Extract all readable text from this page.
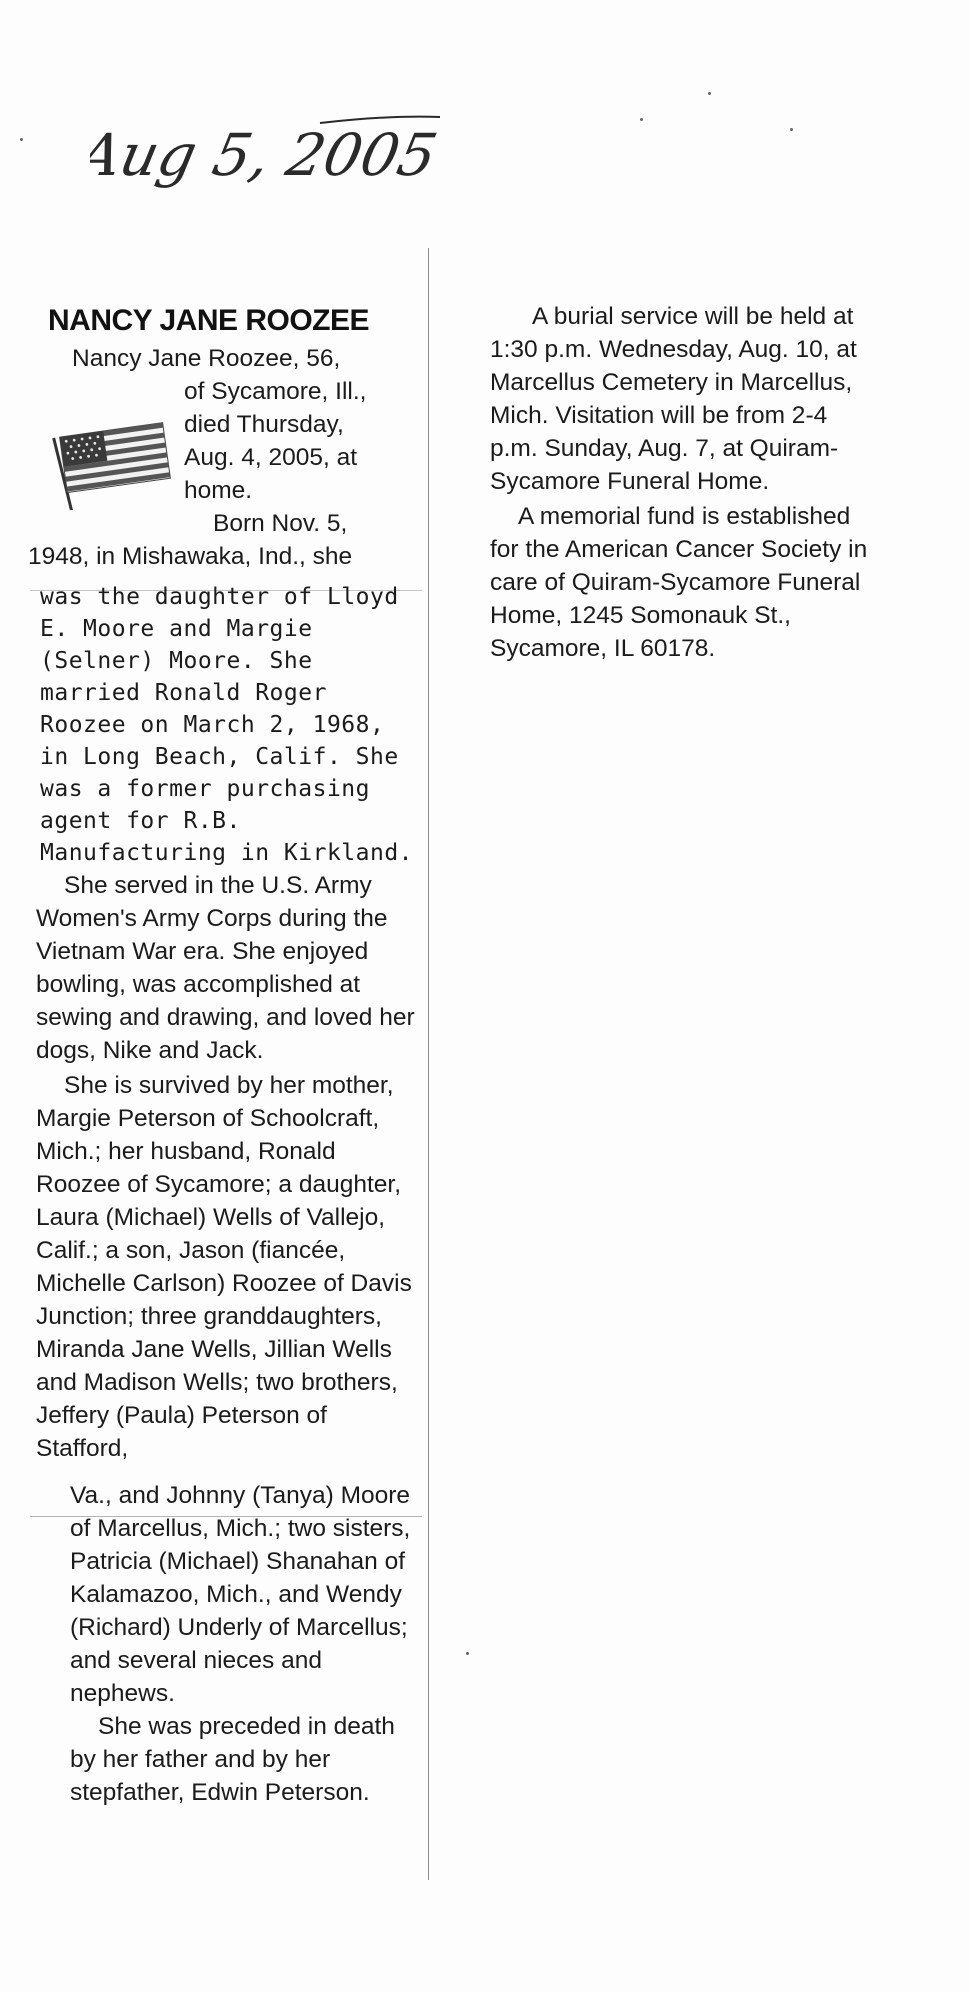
Aug 5, 2005
NANCY JANE ROOZEE
Nancy Jane Roozee, 56,
of Sycamore, Ill.,
died Thursday,
Aug. 4, 2005, at
home.
Born Nov. 5,
1948, in Mishawaka, Ind., she

was the daughter of Lloyd E. Moore and Margie (Selner) Moore. She married Ronald Roger Roozee on March 2, 1968, in Long Beach, Calif. She was a former purchasing agent for R.B. Manufacturing in Kirkland.

She served in the U.S. Army Women's Army Corps during the Vietnam War era. She enjoyed bowling, was accomplished at sewing and drawing, and loved her dogs, Nike and Jack.

She is survived by her mother, Margie Peterson of Schoolcraft, Mich.; her husband, Ronald Roozee of Sycamore; a daughter, Laura (Michael) Wells of Vallejo, Calif.; a son, Jason (fiancée, Michelle Carlson) Roozee of Davis Junction; three granddaughters, Miranda Jane Wells, Jillian Wells and Madison Wells; two brothers, Jeffery (Paula) Peterson of Stafford,

Va., and Johnny (Tanya) Moore of Marcellus, Mich.; two sisters, Patricia (Michael) Shanahan of Kalamazoo, Mich., and Wendy (Richard) Underly of Marcellus; and several nieces and nephews.

She was preceded in death by her father and by her stepfather, Edwin Peterson.

A burial service will be held at 1:30 p.m. Wednesday, Aug. 10, at Marcellus Cemetery in Marcellus, Mich. Visitation will be from 2-4 p.m. Sunday, Aug. 7, at Quiram-Sycamore Funeral Home.

A memorial fund is established for the American Cancer Society in care of Quiram-Sycamore Funeral Home, 1245 Somonauk St., Sycamore, IL 60178.
